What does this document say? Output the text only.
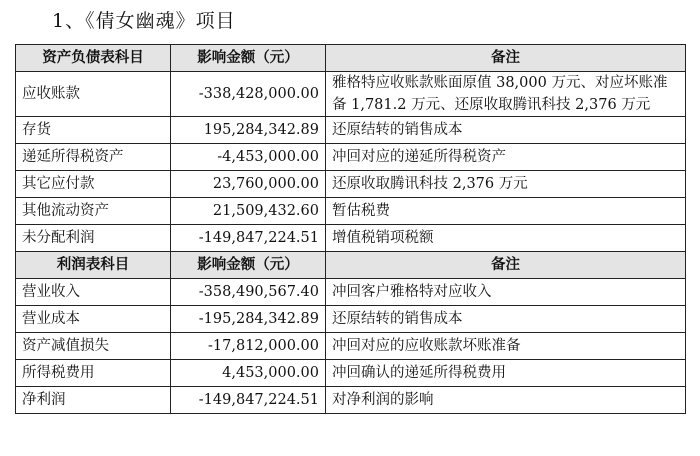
1、《倩女幽魂》项目
资产负债表科目	影响金额（元）	备注
应收账款	-338,428,000.00	雅格特应收账款账面原值 38,000 万元、对应坏账准备 1,781.2 万元、还原收取腾讯科技 2,376 万元
存货	195,284,342.89	还原结转的销售成本
递延所得税资产	-4,453,000.00	冲回对应的递延所得税资产
其它应付款	23,760,000.00	还原收取腾讯科技 2,376 万元
其他流动资产	21,509,432.60	暂估税费
未分配利润	-149,847,224.51	增值税销项税额
利润表科目	影响金额（元）	备注
营业收入	-358,490,567.40	冲回客户雅格特对应收入
营业成本	-195,284,342.89	还原结转的销售成本
资产减值损失	-17,812,000.00	冲回对应的应收账款坏账准备
所得税费用	4,453,000.00	冲回确认的递延所得税费用
净利润	-149,847,224.51	对净利润的影响
